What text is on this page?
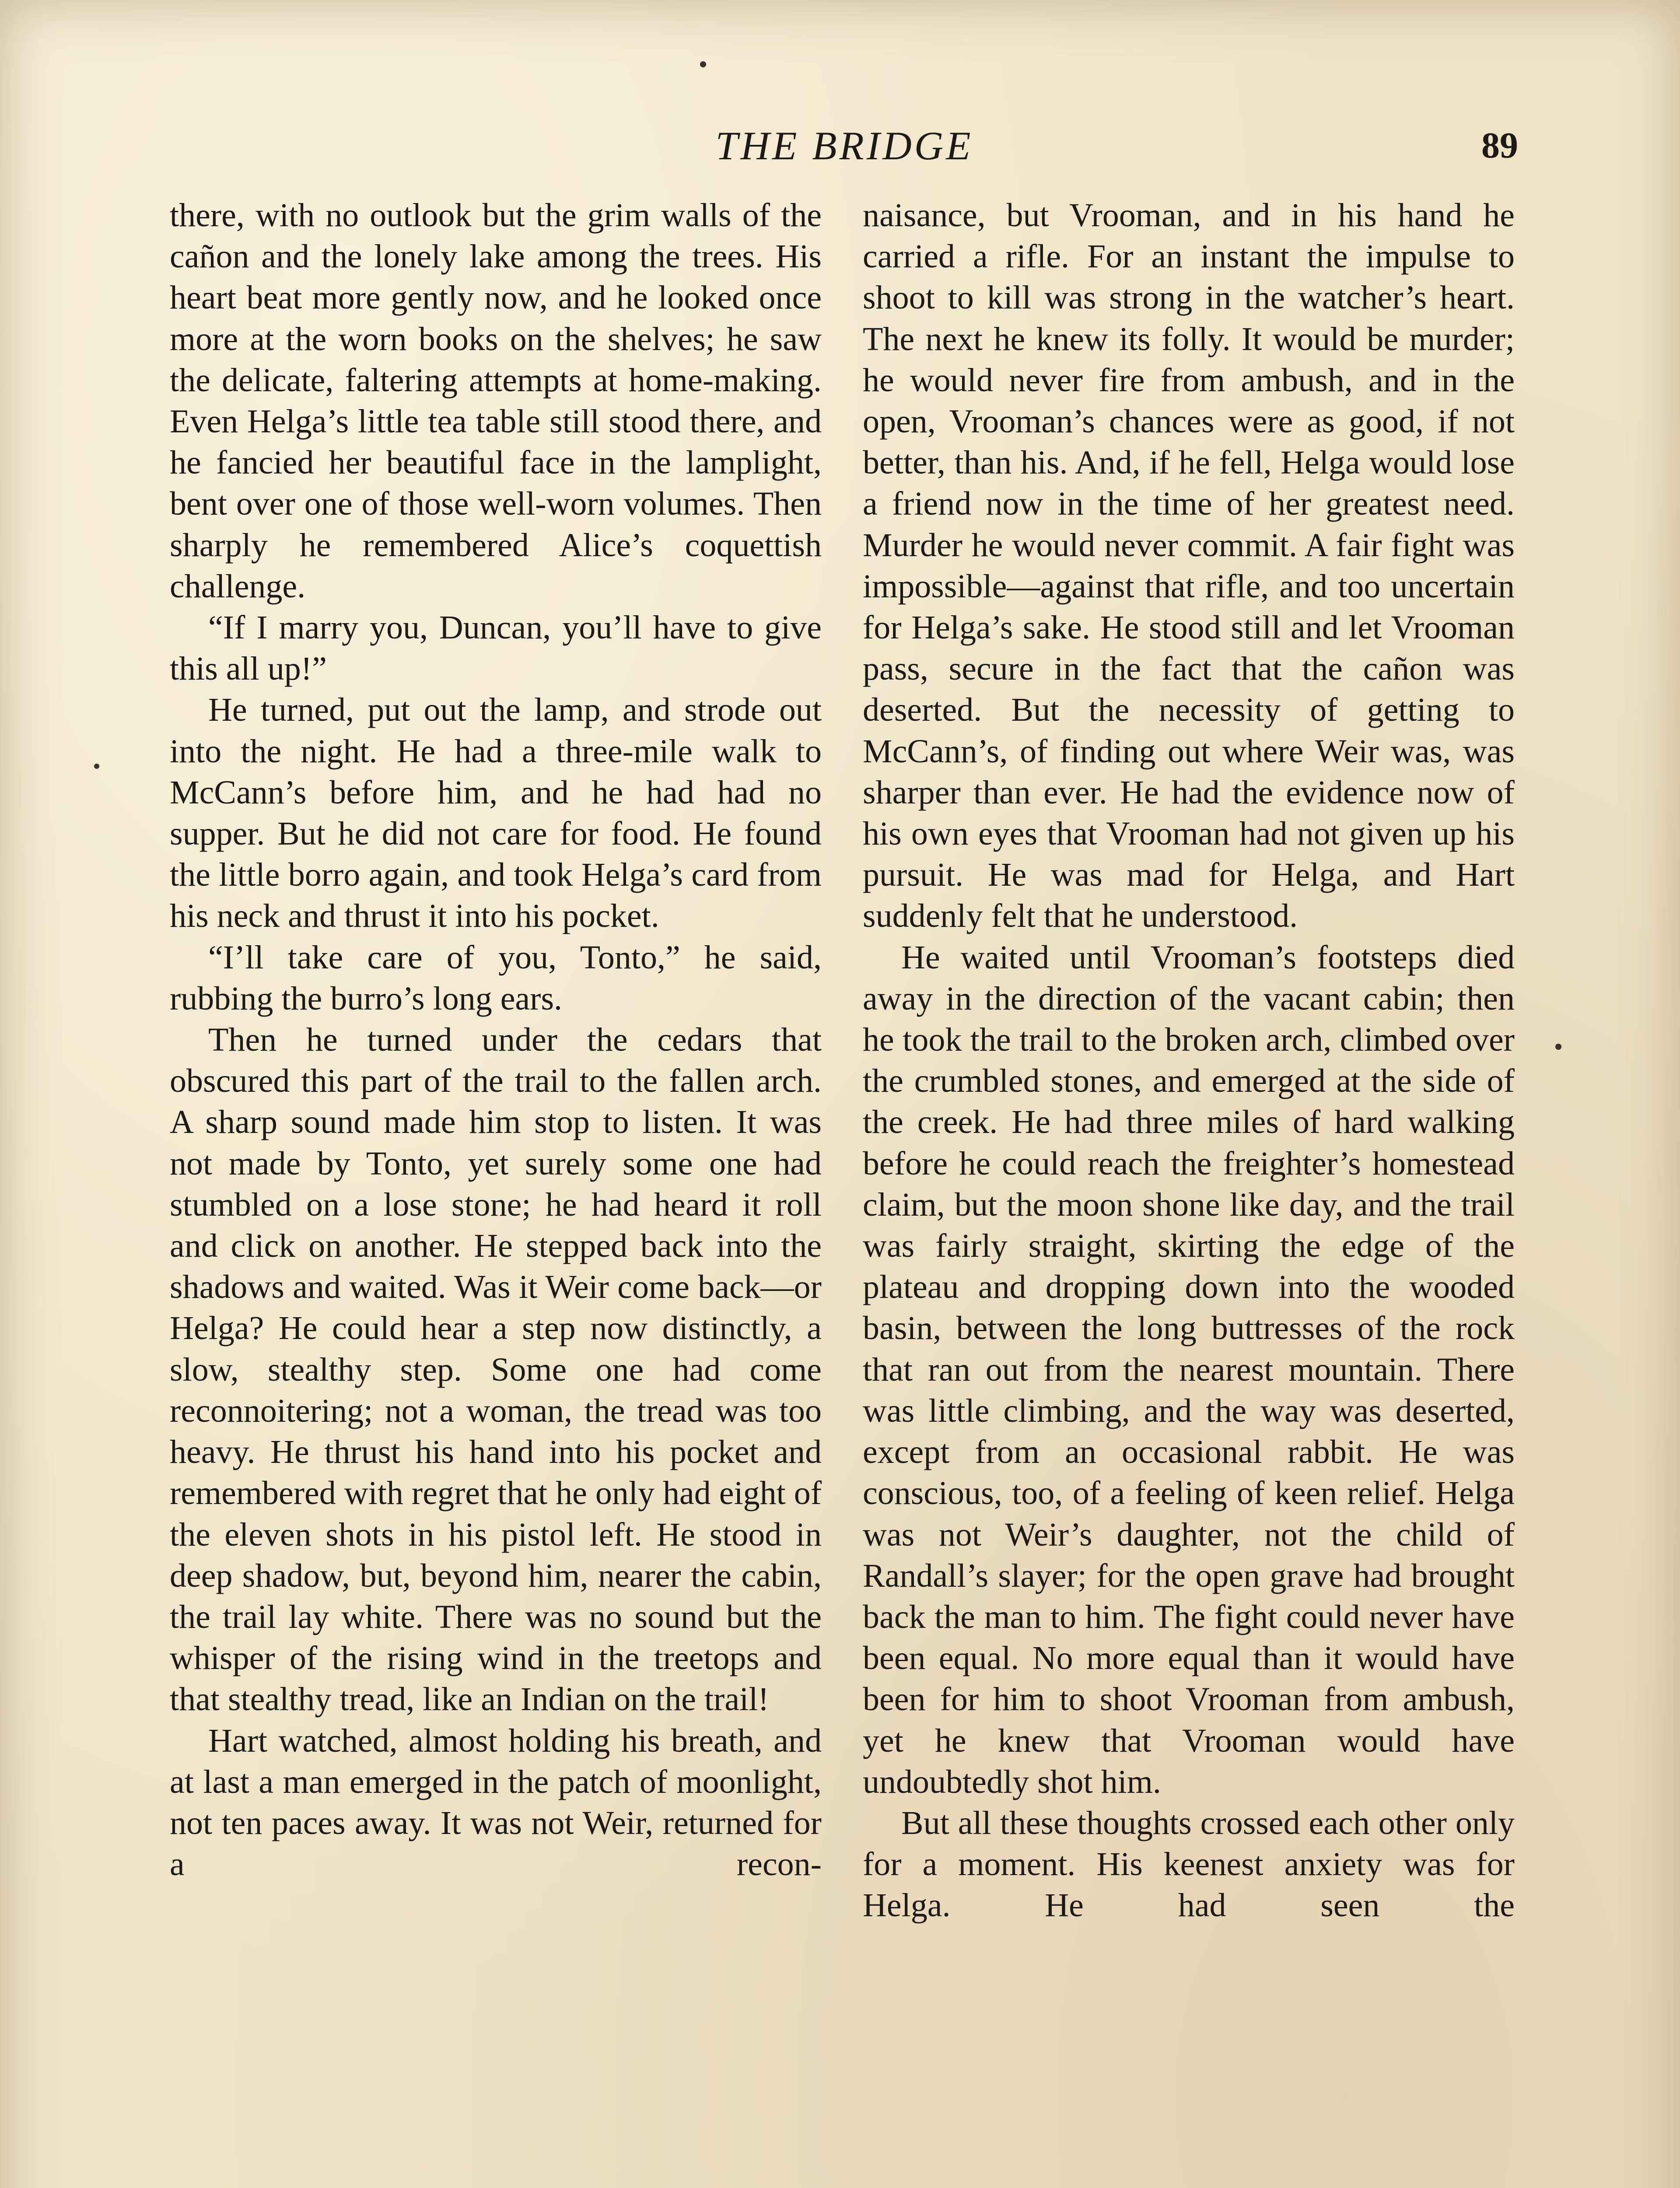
THE BRIDGE	89

there, with no outlook but the grim walls of the cañon and the lonely lake among the trees. His heart beat more gently now, and he looked once more at the worn books on the shelves; he saw the delicate, faltering attempts at home-making. Even Helga’s little tea table still stood there, and he fancied her beautiful face in the lamplight, bent over one of those well-worn volumes. Then sharply he remembered Alice’s coquettish challenge.

“If I marry you, Duncan, you’ll have to give this all up!”

He turned, put out the lamp, and strode out into the night. He had a three-mile walk to McCann’s before him, and he had had no supper. But he did not care for food. He found the little borro again, and took Helga’s card from his neck and thrust it into his pocket.

“I’ll take care of you, Tonto,” he said, rubbing the burro’s long ears.

Then he turned under the cedars that obscured this part of the trail to the fallen arch. A sharp sound made him stop to listen. It was not made by Tonto, yet surely some one had stumbled on a lose stone; he had heard it roll and click on another. He stepped back into the shadows and waited. Was it Weir come back—or Helga? He could hear a step now distinctly, a slow, stealthy step. Some one had come reconnoitering; not a woman, the tread was too heavy. He thrust his hand into his pocket and remembered with regret that he only had eight of the eleven shots in his pistol left. He stood in deep shadow, but, beyond him, nearer the cabin, the trail lay white. There was no sound but the whisper of the rising wind in the treetops and that stealthy tread, like an Indian on the trail!

Hart watched, almost holding his breath, and at last a man emerged in the patch of moonlight, not ten paces away. It was not Weir, returned for a recon-

naisance, but Vrooman, and in his hand he carried a rifle. For an instant the impulse to shoot to kill was strong in the watcher’s heart. The next he knew its folly. It would be murder; he would never fire from ambush, and in the open, Vrooman’s chances were as good, if not better, than his. And, if he fell, Helga would lose a friend now in the time of her greatest need. Murder he would never commit. A fair fight was impossible—against that rifle, and too uncertain for Helga’s sake. He stood still and let Vrooman pass, secure in the fact that the cañon was deserted. But the necessity of getting to McCann’s, of finding out where Weir was, was sharper than ever. He had the evidence now of his own eyes that Vrooman had not given up his pursuit. He was mad for Helga, and Hart suddenly felt that he understood.

He waited until Vrooman’s footsteps died away in the direction of the vacant cabin; then he took the trail to the broken arch, climbed over the crumbled stones, and emerged at the side of the creek. He had three miles of hard walking before he could reach the freighter’s homestead claim, but the moon shone like day, and the trail was fairly straight, skirting the edge of the plateau and dropping down into the wooded basin, between the long buttresses of the rock that ran out from the nearest mountain. There was little climbing, and the way was deserted, except from an occasional rabbit. He was conscious, too, of a feeling of keen relief. Helga was not Weir’s daughter, not the child of Randall’s slayer; for the open grave had brought back the man to him. The fight could never have been equal. No more equal than it would have been for him to shoot Vrooman from ambush, yet he knew that Vrooman would have undoubtedly shot him.

But all these thoughts crossed each other only for a moment. His keenest anxiety was for Helga. He had seen the
